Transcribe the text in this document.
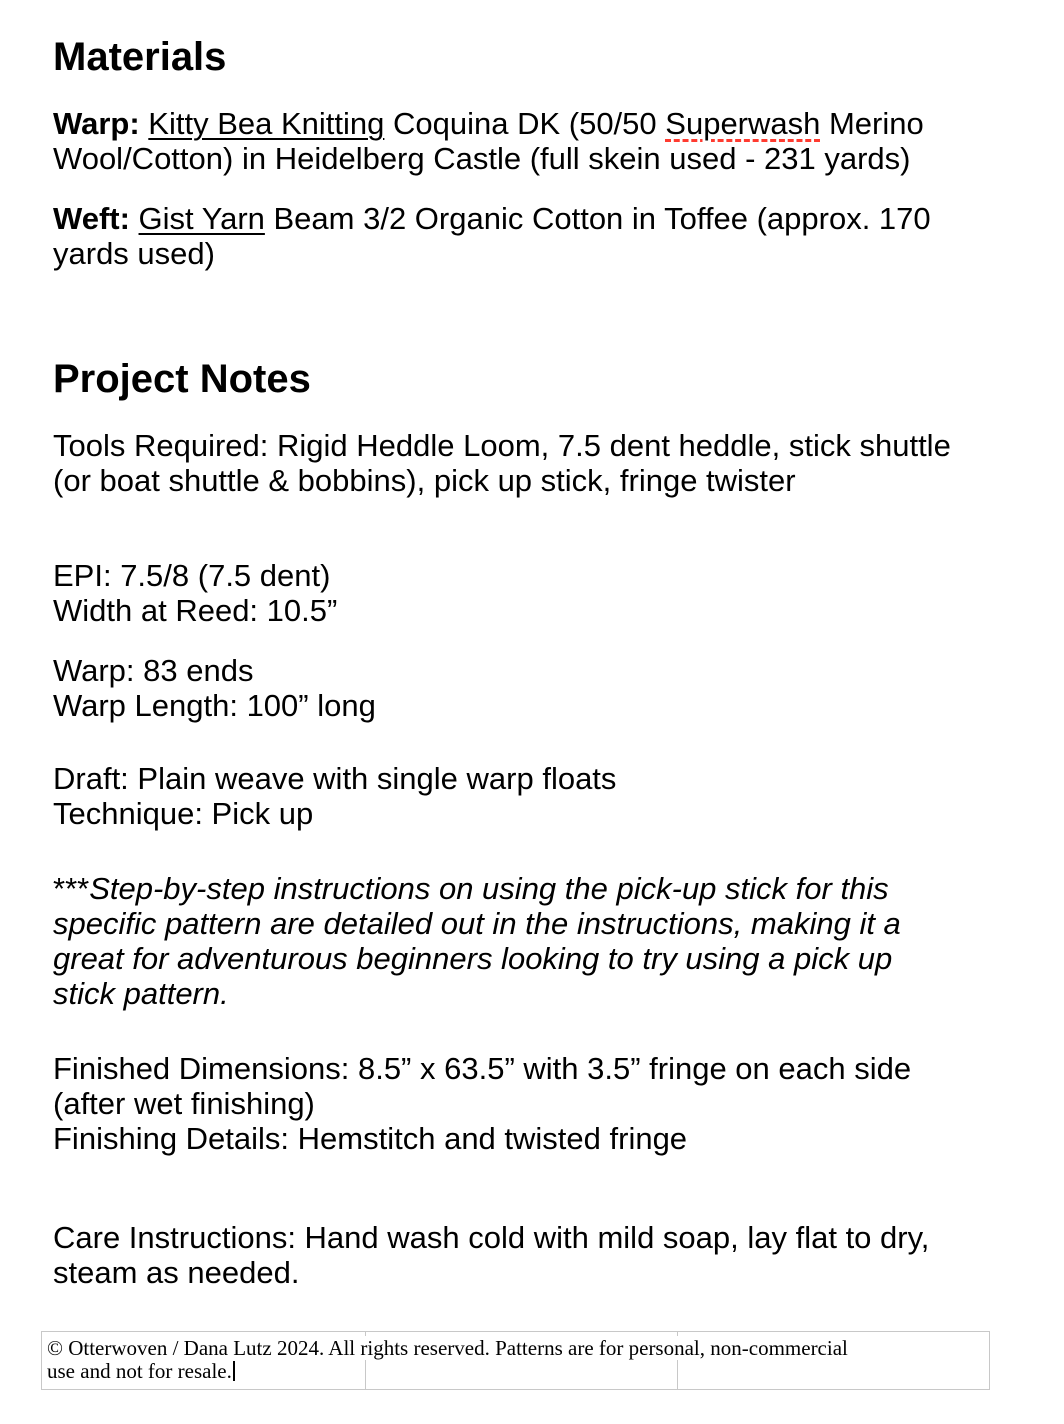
Materials

Warp: Kitty Bea Knitting Coquina DK (50/50 Superwash Merino
Wool/Cotton) in Heidelberg Castle (full skein used - 231 yards)

Weft: Gist Yarn Beam 3/2 Organic Cotton in Toffee (approx. 170
yards used)

Project Notes

Tools Required: Rigid Heddle Loom, 7.5 dent heddle, stick shuttle
(or boat shuttle & bobbins), pick up stick, fringe twister

EPI: 7.5/8 (7.5 dent)
Width at Reed: 10.5”

Warp: 83 ends
Warp Length: 100” long

Draft: Plain weave with single warp floats
Technique: Pick up

***Step-by-step instructions on using the pick-up stick for this
specific pattern are detailed out in the instructions, making it a
great for adventurous beginners looking to try using a pick up
stick pattern.

Finished Dimensions: 8.5” x 63.5” with 3.5” fringe on each side
(after wet finishing)
Finishing Details: Hemstitch and twisted fringe

Care Instructions: Hand wash cold with mild soap, lay flat to dry,
steam as needed.

© Otterwoven / Dana Lutz 2024. All rights reserved. Patterns are for personal, non-commercial
use and not for resale.
